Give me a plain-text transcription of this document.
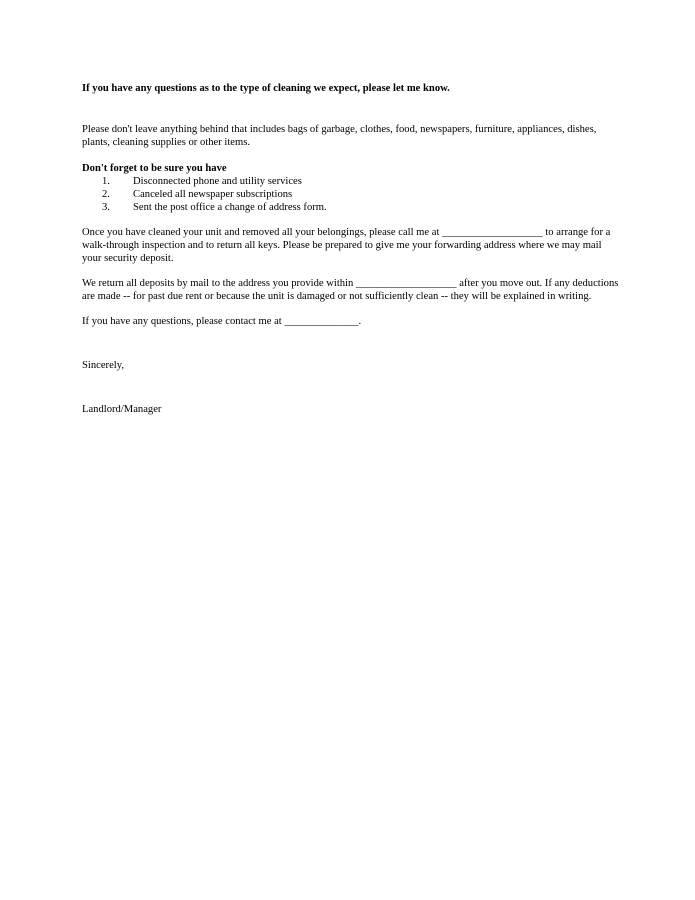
If you have any questions as to the type of cleaning we expect, please let me know.

Please don't leave anything behind that includes bags of garbage, clothes, food, newspapers, furniture, appliances, dishes, plants, cleaning supplies or other items.

Don't forget to be sure you have

1.	Disconnected phone and utility services
2.	Canceled all newspaper subscriptions
3.	Sent the post office a change of address form.

Once you have cleaned your unit and removed all your belongings, please call me at ___________________ to arrange for a walk-through inspection and to return all keys. Please be prepared to give me your forwarding address where we may mail your security deposit.

We return all deposits by mail to the address you provide within ___________________ after you move out. If any deductions are made -- for past due rent or because the unit is damaged or not sufficiently clean -- they will be explained in writing.

If you have any questions, please contact me at ______________.

Sincerely,

Landlord/Manager
